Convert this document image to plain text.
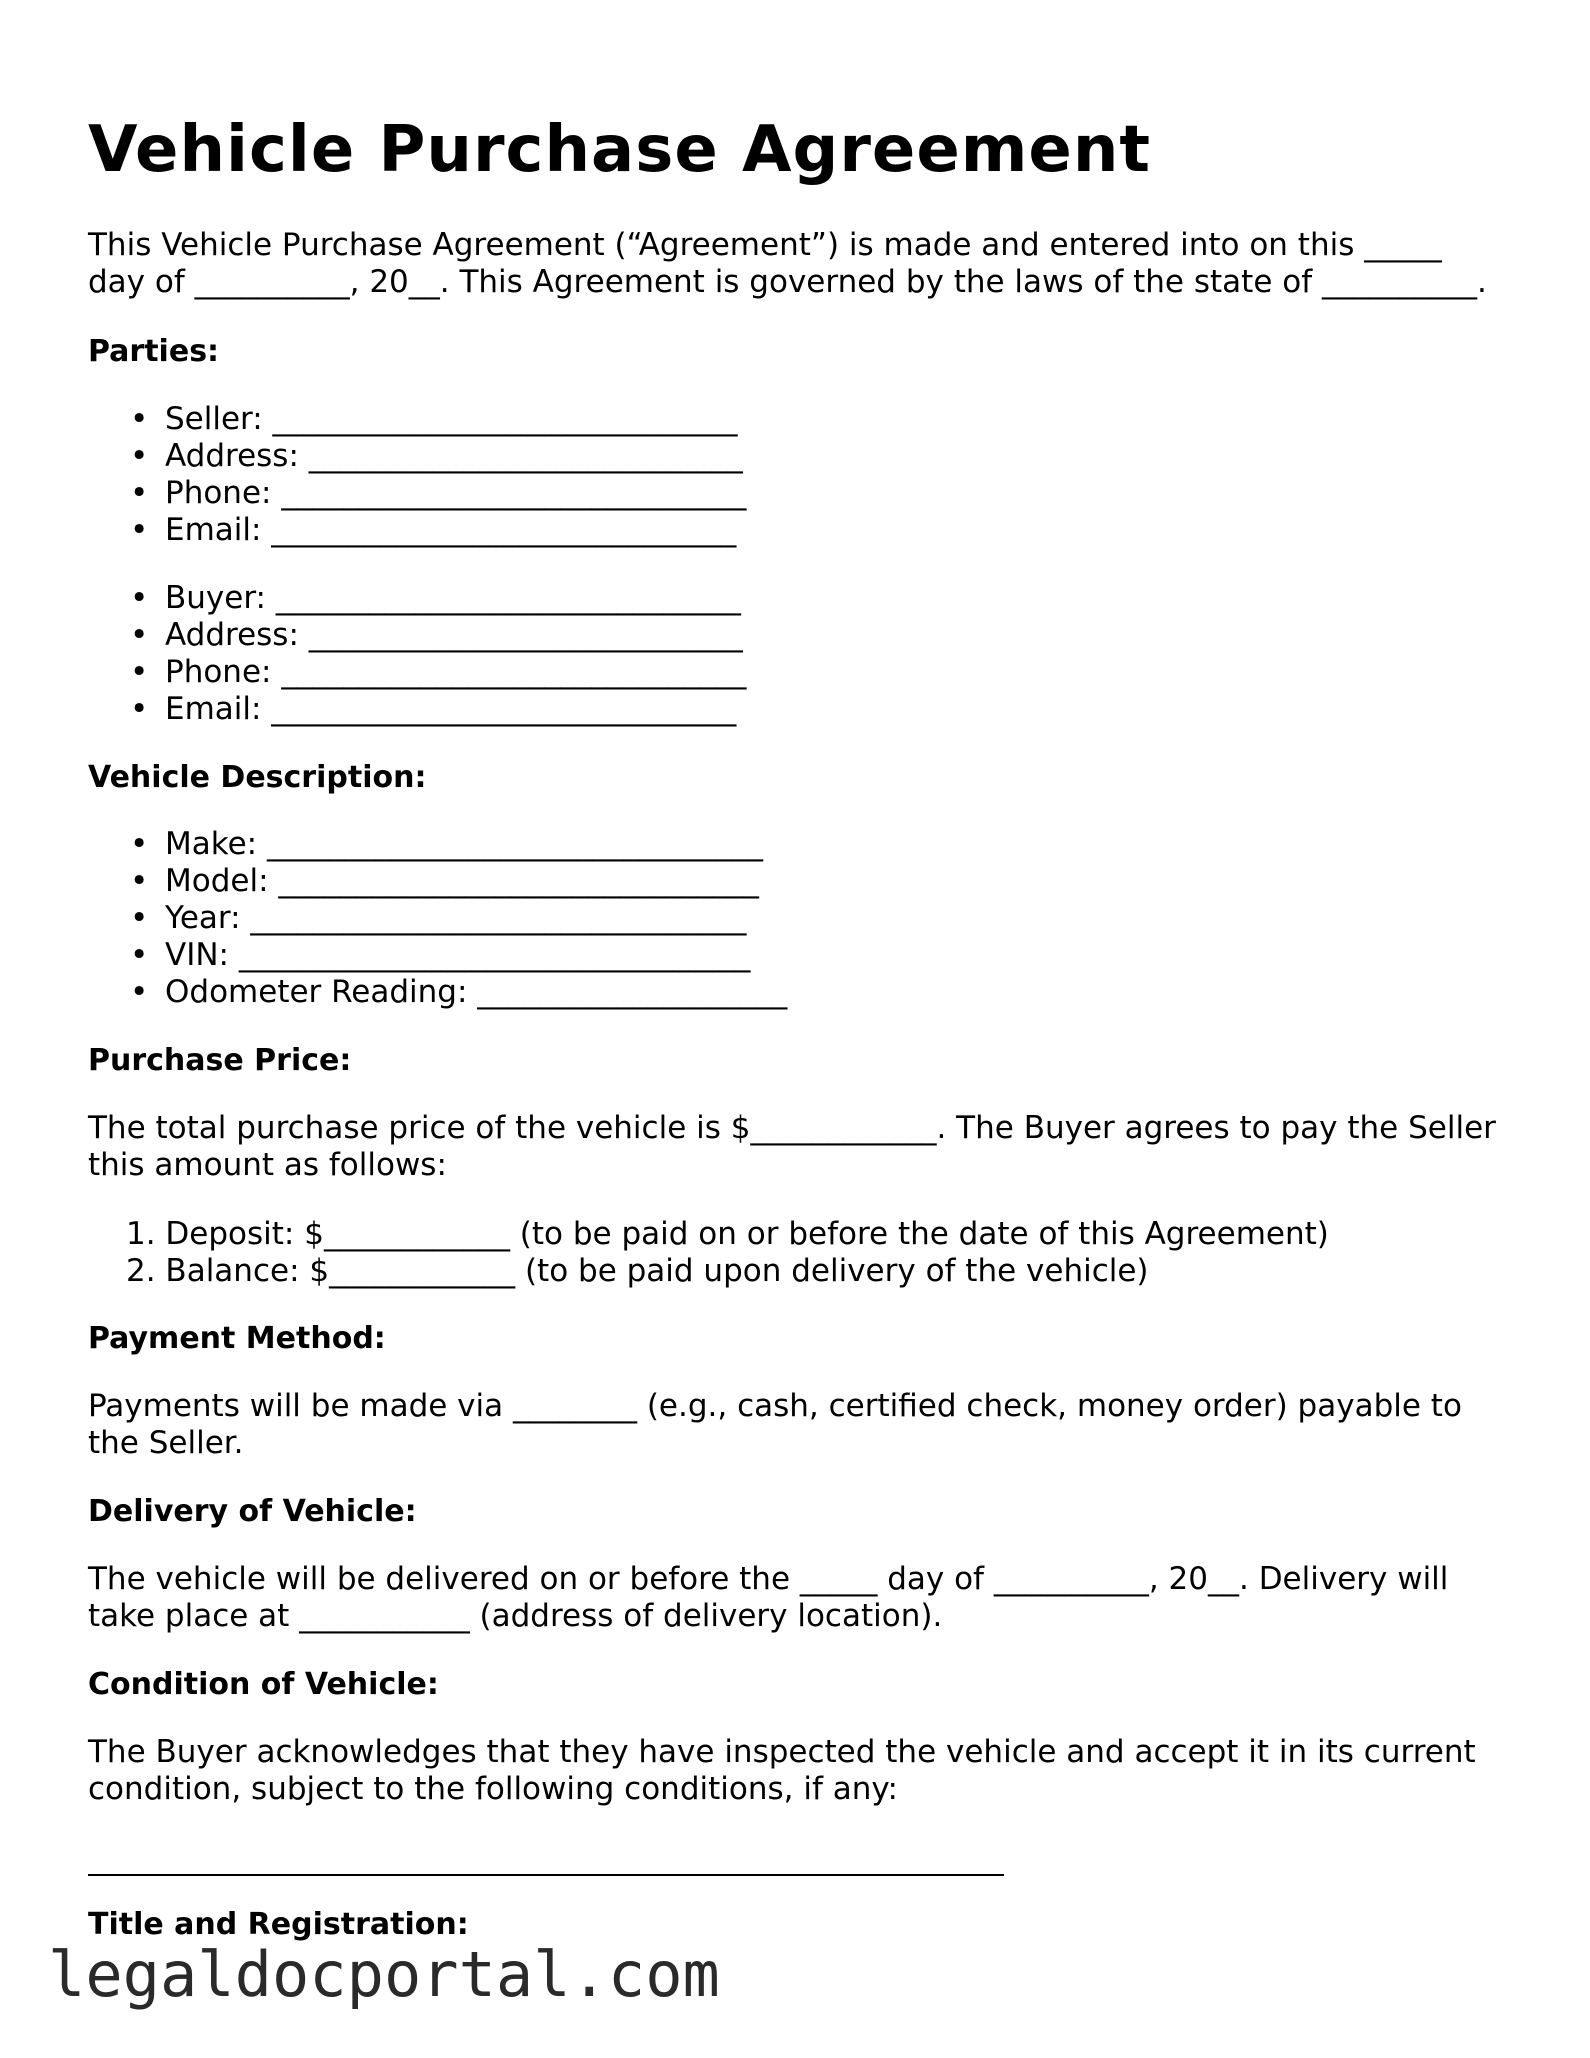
Vehicle Purchase Agreement

This Vehicle Purchase Agreement (“Agreement”) is made and entered into on this _____
day of __________, 20__. This Agreement is governed by the laws of the state of __________.

Parties:
• Seller: ______________________________
• Address: ____________________________
• Phone: ______________________________
• Email: ______________________________
• Buyer: ______________________________
• Address: ____________________________
• Phone: ______________________________
• Email: ______________________________
Vehicle Description:
• Make: ________________________________
• Model: _______________________________
• Year: ________________________________
• VIN: _________________________________
• Odometer Reading: ____________________
Purchase Price:

The total purchase price of the vehicle is $____________. The Buyer agrees to pay the Seller
this amount as follows:

1. Deposit: $____________ (to be paid on or before the date of this Agreement)
2. Balance: $____________ (to be paid upon delivery of the vehicle)
Payment Method:

Payments will be made via ________ (e.g., cash, certified check, money order) payable to
the Seller.

Delivery of Vehicle:

The vehicle will be delivered on or before the _____ day of __________, 20__. Delivery will
take place at ___________ (address of delivery location).

Condition of Vehicle:

The Buyer acknowledges that they have inspected the vehicle and accept it in its current
condition, subject to the following conditions, if any:

Title and Registration:
legaldocportal.com
